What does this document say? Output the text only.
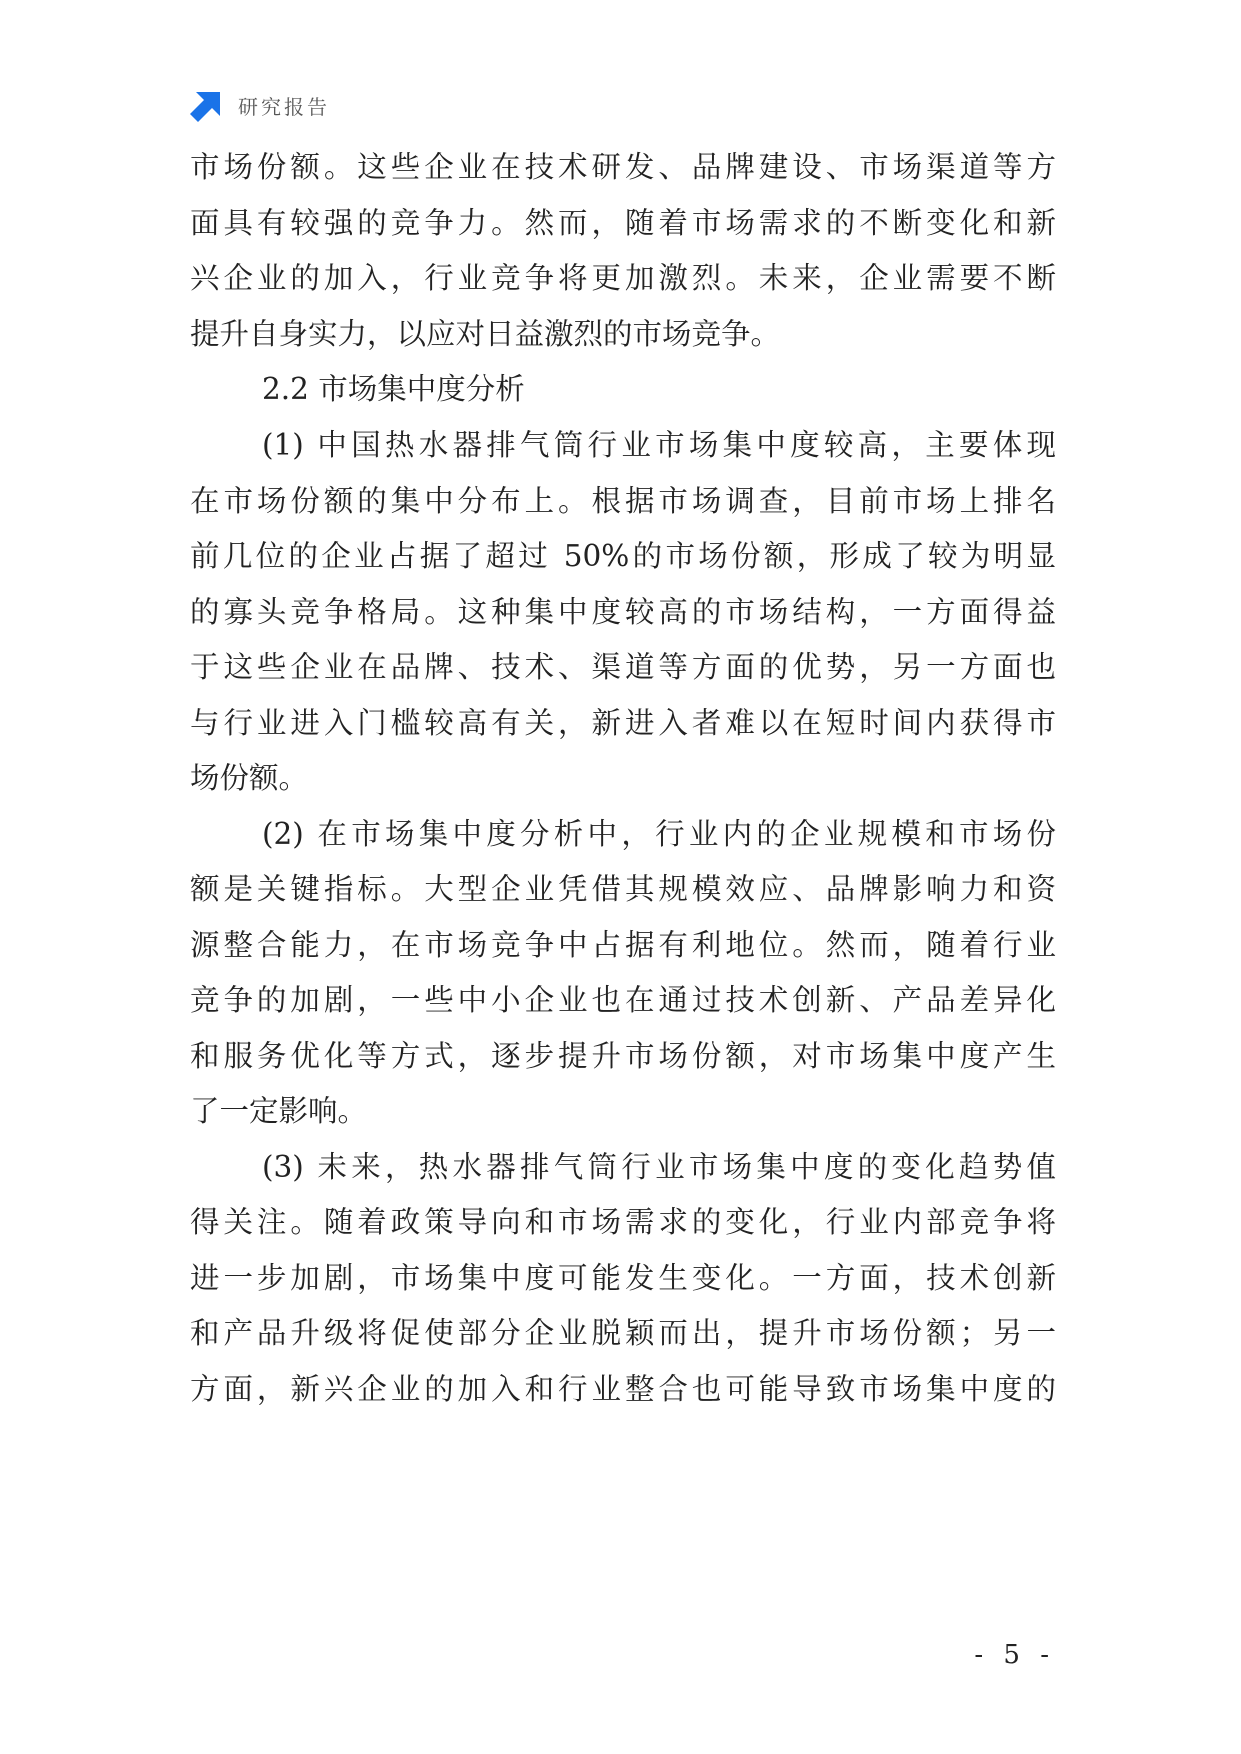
研究报告
市场份额。这些企业在技术研发、品牌建设、市场渠道等方
面具有较强的竞争力。然而，随着市场需求的不断变化和新
兴企业的加入，行业竞争将更加激烈。未来，企业需要不断
提升自身实力，以应对日益激烈的市场竞争。
2.2 市场集中度分析
(1) 中国热水器排气筒行业市场集中度较高，主要体现
在市场份额的集中分布上。根据市场调查，目前市场上排名
前几位的企业占据了超过 50%的市场份额，形成了较为明显
的寡头竞争格局。这种集中度较高的市场结构，一方面得益
于这些企业在品牌、技术、渠道等方面的优势，另一方面也
与行业进入门槛较高有关，新进入者难以在短时间内获得市
场份额。
(2) 在市场集中度分析中，行业内的企业规模和市场份
额是关键指标。大型企业凭借其规模效应、品牌影响力和资
源整合能力，在市场竞争中占据有利地位。然而，随着行业
竞争的加剧，一些中小企业也在通过技术创新、产品差异化
和服务优化等方式，逐步提升市场份额，对市场集中度产生
了一定影响。
(3) 未来，热水器排气筒行业市场集中度的变化趋势值
得关注。随着政策导向和市场需求的变化，行业内部竞争将
进一步加剧，市场集中度可能发生变化。一方面，技术创新
和产品升级将促使部分企业脱颖而出，提升市场份额；另一
方面，新兴企业的加入和行业整合也可能导致市场集中度的
- 5 -
